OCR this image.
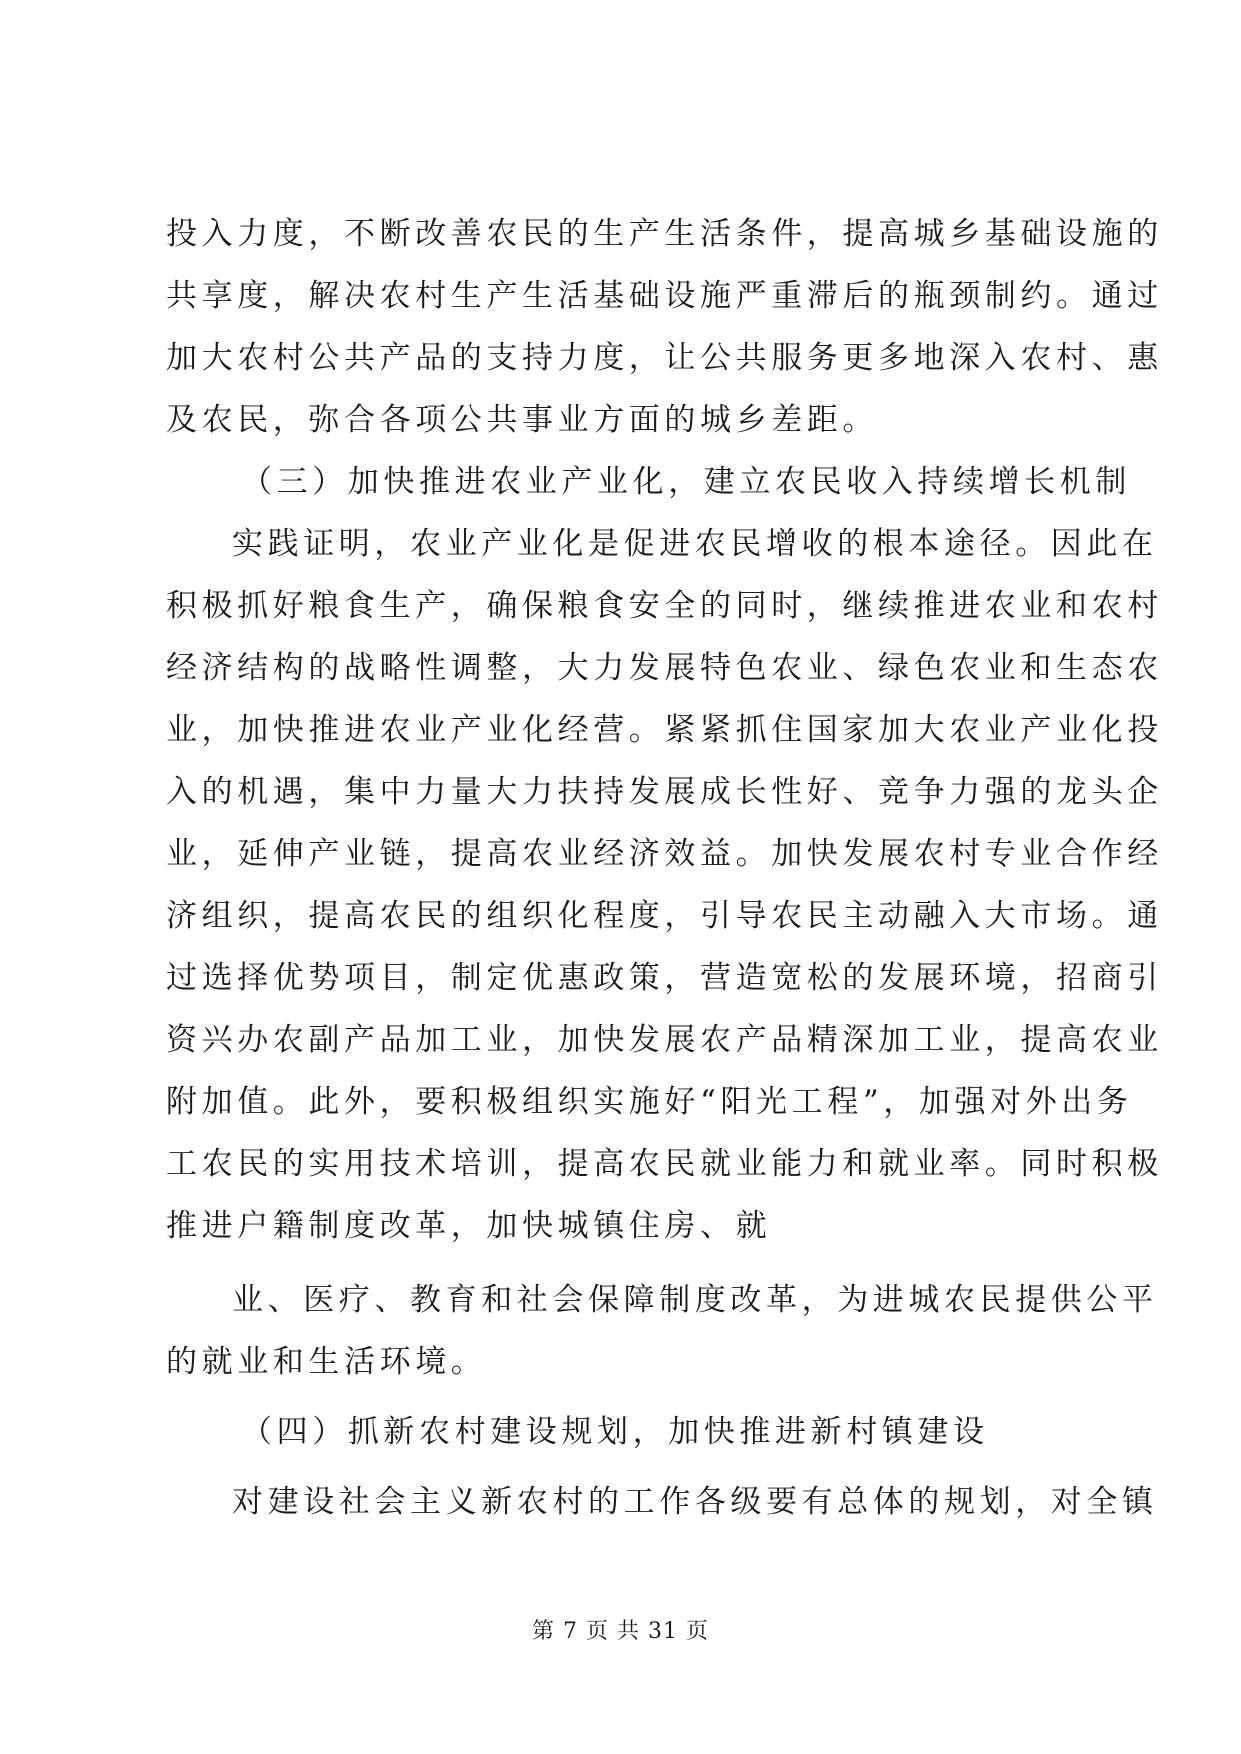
投入力度，不断改善农民的生产生活条件，提高城乡基础设施的
共享度，解决农村生产生活基础设施严重滞后的瓶颈制约。通过
加大农村公共产品的支持力度，让公共服务更多地深入农村、惠
及农民，弥合各项公共事业方面的城乡差距。
（三）加快推进农业产业化，建立农民收入持续增长机制
实践证明，农业产业化是促进农民增收的根本途径。因此在
积极抓好粮食生产，确保粮食安全的同时，继续推进农业和农村
经济结构的战略性调整，大力发展特色农业、绿色农业和生态农
业，加快推进农业产业化经营。紧紧抓住国家加大农业产业化投
入的机遇，集中力量大力扶持发展成长性好、竞争力强的龙头企
业，延伸产业链，提高农业经济效益。加快发展农村专业合作经
济组织，提高农民的组织化程度，引导农民主动融入大市场。通
过选择优势项目，制定优惠政策，营造宽松的发展环境，招商引
资兴办农副产品加工业，加快发展农产品精深加工业，提高农业
附加值。此外，要积极组织实施好“阳光工程”，加强对外出务
工农民的实用技术培训，提高农民就业能力和就业率。同时积极
推进户籍制度改革，加快城镇住房、就
业、医疗、教育和社会保障制度改革，为进城农民提供公平
的就业和生活环境。
（四）抓新农村建设规划，加快推进新村镇建设
对建设社会主义新农村的工作各级要有总体的规划，对全镇
第 7 页 共 31 页
